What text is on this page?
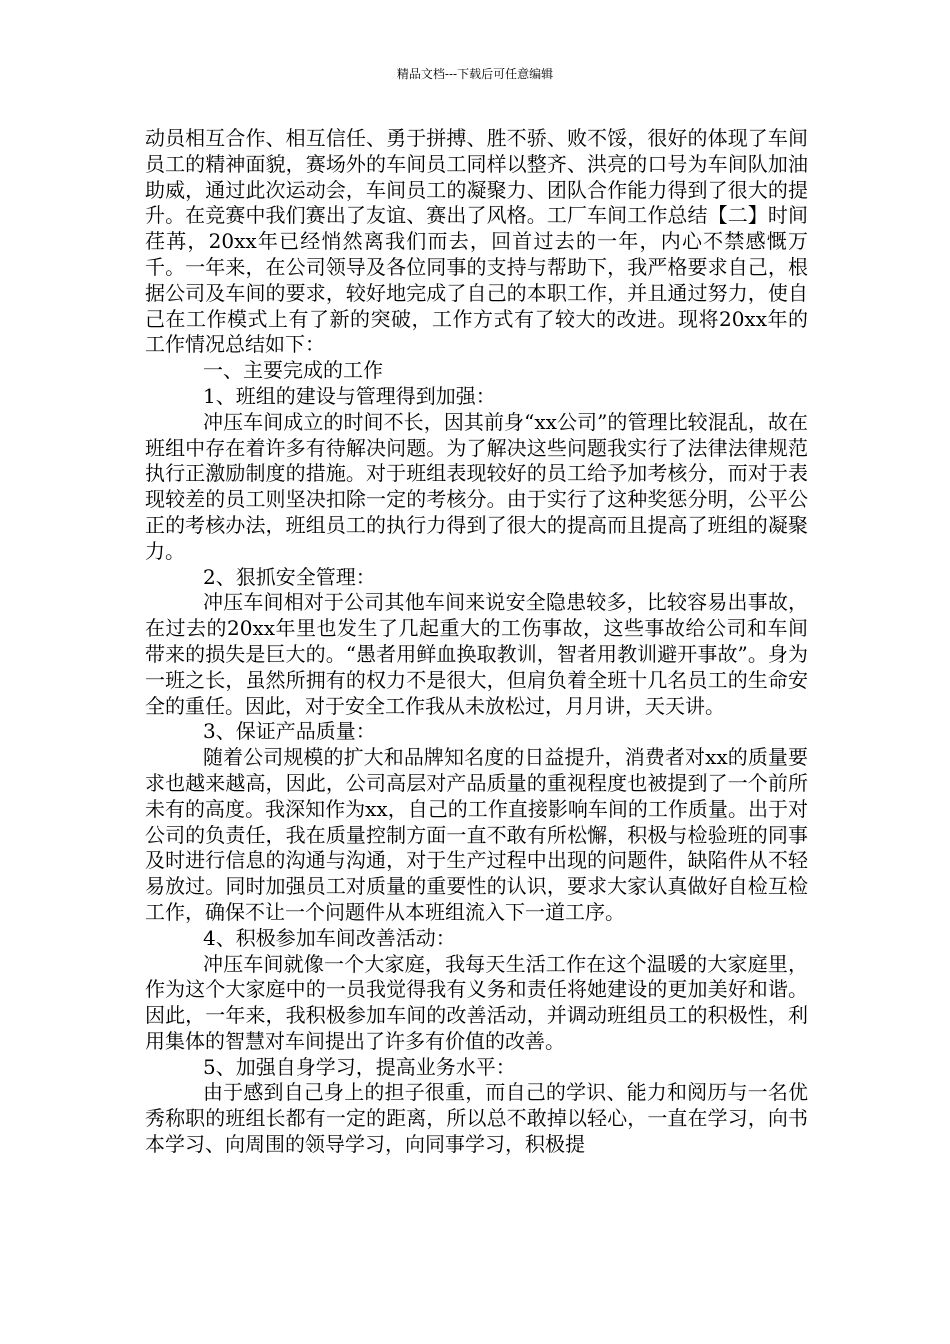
精品文档---下载后可任意编辑

动员相互合作、相互信任、勇于拼搏、胜不骄、败不馁，很好的体现了车间员工的精神面貌，赛场外的车间员工同样以整齐、洪亮的口号为车间队加油助威，通过此次运动会，车间员工的凝聚力、团队合作能力得到了很大的提升。在竞赛中我们赛出了友谊、赛出了风格。工厂车间工作总结【二】时间荏苒，20xx年已经悄然离我们而去，回首过去的一年，内心不禁感慨万千。一年来，在公司领导及各位同事的支持与帮助下，我严格要求自己，根据公司及车间的要求，较好地完成了自己的本职工作，并且通过努力，使自己在工作模式上有了新的突破，工作方式有了较大的改进。现将20xx年的工作情况总结如下：

一、主要完成的工作

1、班组的建设与管理得到加强：

冲压车间成立的时间不长，因其前身“xx公司”的管理比较混乱，故在班组中存在着许多有待解决问题。为了解决这些问题我实行了法律法律规范执行正激励制度的措施。对于班组表现较好的员工给予加考核分，而对于表现较差的员工则坚决扣除一定的考核分。由于实行了这种奖惩分明，公平公正的考核办法，班组员工的执行力得到了很大的提高而且提高了班组的凝聚力。

2、狠抓安全管理：

冲压车间相对于公司其他车间来说安全隐患较多，比较容易出事故，在过去的20xx年里也发生了几起重大的工伤事故，这些事故给公司和车间带来的损失是巨大的。“愚者用鲜血换取教训，智者用教训避开事故”。身为一班之长，虽然所拥有的权力不是很大，但肩负着全班十几名员工的生命安全的重任。因此，对于安全工作我从未放松过，月月讲，天天讲。

3、保证产品质量：

随着公司规模的扩大和品牌知名度的日益提升，消费者对xx的质量要求也越来越高，因此，公司高层对产品质量的重视程度也被提到了一个前所未有的高度。我深知作为xx，自己的工作直接影响车间的工作质量。出于对公司的负责任，我在质量控制方面一直不敢有所松懈，积极与检验班的同事及时进行信息的沟通与沟通，对于生产过程中出现的问题件，缺陷件从不轻易放过。同时加强员工对质量的重要性的认识，要求大家认真做好自检互检工作，确保不让一个问题件从本班组流入下一道工序。

4、积极参加车间改善活动：

冲压车间就像一个大家庭，我每天生活工作在这个温暖的大家庭里，作为这个大家庭中的一员我觉得我有义务和责任将她建设的更加美好和谐。因此，一年来，我积极参加车间的改善活动，并调动班组员工的积极性，利用集体的智慧对车间提出了许多有价值的改善。

5、加强自身学习，提高业务水平：

由于感到自己身上的担子很重，而自己的学识、能力和阅历与一名优秀称职的班组长都有一定的距离，所以总不敢掉以轻心，一直在学习，向书本学习、向周围的领导学习，向同事学习，积极提
